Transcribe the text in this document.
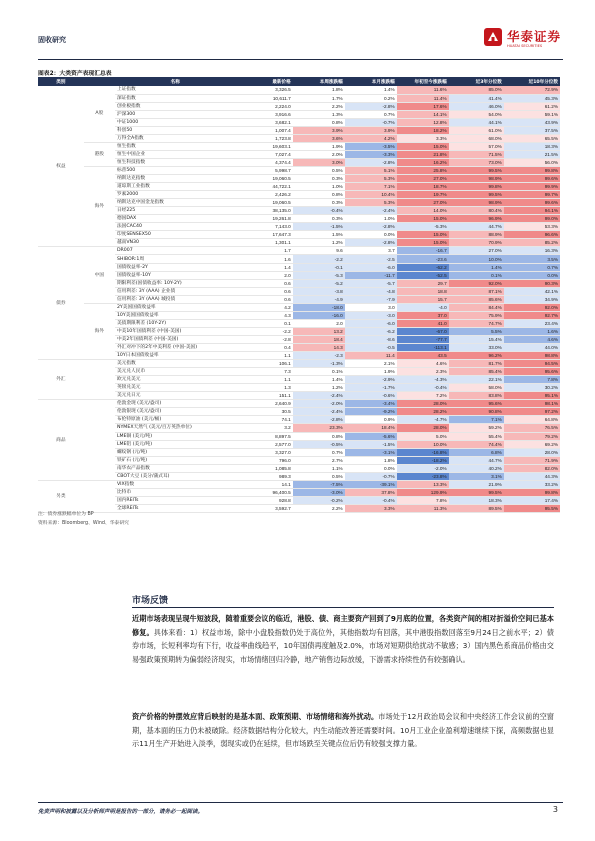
固收研究	华泰证券
HUATAI SECURITIES
图表2：大类资产表现汇总表
类别		名称	最新价格	本周涨跌幅	本月涨跌幅	年初至今涨跌幅	近3年分位数	近10年分位数
权益	A股	上证指数	3,326.5	1.8%	1.4%	11.6%	85.0%	72.9%
		深证指数	10,611.7	1.7%	0.2%	11.4%	41.4%	45.3%
		创业板指数	2,224.0	2.2%	-2.8%	17.6%	46.0%	61.2%
		沪深300	3,916.6	1.3%	0.7%	14.1%	54.0%	59.1%
		中证1000	3,682.1	0.8%	-0.7%	12.8%	44.1%	43.9%
		科创50	1,007.4	3.9%	3.9%	18.2%	61.0%	37.5%
		万得全A指数	1,723.8	3.6%	4.2%	3.3%	68.0%	65.5%
	港股	恒生指数	19,603.1	1.9%	-3.5%	15.0%	57.0%	18.3%
		恒生中国企业	7,027.4	2.0%	-3.3%	21.8%	71.5%	21.5%
		恒生科技指数	4,374.4	3.0%	-2.8%	16.2%	73.0%	56.0%
	海外	标普500	5,998.7	0.5%	5.1%	25.8%	99.5%	99.8%
		纳斯达克指数	19,060.5	0.3%	5.3%	27.0%	98.9%	99.6%
		道琼斯工业指数	44,722.1	1.0%	7.1%	18.7%	99.8%	99.9%
		罗素2000	2,426.2	0.8%	10.4%	19.7%	99.5%	99.7%
		纳斯达克中国金龙指数	19,060.5	0.3%	5.3%	27.0%	98.9%	99.6%
		日经225	38,135.0	-0.4%	-2.4%	14.0%	80.4%	94.1%
		德国DAX	19,261.8	0.3%	1.0%	15.0%	96.9%	99.0%
		法国CAC40	7,143.0	-1.5%	-2.8%	-5.3%	44.7%	53.3%
		印度SENSEX50	17,647.3	1.5%	0.0%	15.0%	88.9%	96.6%
		越南VN30	1,301.1	1.2%	-2.8%	15.0%	70.9%	85.2%
债券	中国	DR007	1.7	9.6	3.7	-16.7	27.0%	16.3%
		SHIBOR:1周	1.6	-2.2	-2.5	-23.6	10.0%	3.5%
		国债收益率-2Y	1.4	-0.1	-6.0	-62.2	1.4%	0.7%
		国债收益率-10Y	2.0	-5.3	-11.7	-52.5	0.1%	0.0%
		期限利差(国债收益率: 10Y-2Y)	0.6	-5.2	-5.7	29.7	92.0%	90.3%
		信用利差: 3Y (AAA) 企业债	0.6	-3.8	-4.8	18.8	87.1%	42.1%
		信用利差: 3Y (AAA) 城投债	0.6	-4.9	-7.9	15.7	85.6%	34.9%
	海外	2Y美国国债收益率	4.2	-18.0	3.0	-4.0	84.4%	92.0%
		10Y美国国债收益率	4.3	-16.0	-3.0	37.0	75.9%	92.7%
		美债期限利差 (10Y-2Y)	0.1	2.0	-6.0	41.0	74.7%	23.4%
		中美10年国债利差 (中国-美国)	-2.2	13.2	-6.2	-67.0	5.5%	1.6%
		中美2年国债利差 (中国-美国)	-2.8	18.4	-8.6	-77.7	15.4%	4.6%
		外汇对冲下的2年中美利差 (中国-美国)	0.4	14.3	-0.5	-113.1	33.0%	44.0%
		10Y日本国债收益率	1.1	-2.3	11.4	43.5	96.2%	98.8%
外汇		美元指数	106.1	-1.3%	2.1%	4.6%	81.7%	94.5%
		美元兑人民币	7.3	0.1%	1.9%	2.3%	85.4%	95.6%
		欧元兑美元	1.1	1.4%	-2.9%	-4.3%	22.1%	7.8%
		英镑兑美元	1.3	1.2%	-1.7%	-0.4%	58.0%	30.2%
		美元兑日元	151.1	-2.4%	-0.6%	7.2%	83.8%	95.1%
商品		伦敦金现 (美元/盎司)	2,640.9	-2.0%	-3.4%	28.0%	95.6%	98.1%
		伦敦银现 (美元/盎司)	30.5	-2.4%	-9.2%	28.2%	90.8%	97.2%
		布伦特原油 (美元/桶)	74.1	-2.8%	0.9%	-4.7%	7.1%	64.8%
		NYMEX天然气 (美元/百万英热单位)	3.2	23.3%	18.4%	28.0%	59.2%	76.5%
		LME铜 (美元/吨)	8,897.5	0.8%	-5.6%	5.0%	55.4%	79.2%
		LME铝 (美元/吨)	2,577.0	-0.5%	-1.5%	10.0%	74.4%	69.2%
		螺纹钢 (元/吨)	3,327.0	0.7%	-3.1%	-16.8%	6.8%	28.0%
		铁矿石 (元/吨)	796.0	2.7%	1.8%	-18.2%	44.7%	71.9%
		南华农产品指数	1,085.8	1.1%	0.0%	-2.0%	40.2%	82.0%
		CBOT大豆 (美分/蒲式耳)	989.3	0.5%	-0.7%	-23.8%	3.1%	44.3%
另类		VIX指数	14.1	-7.5%	-39.1%	13.3%	21.9%	33.2%
		比特币	96,400.5	-3.0%	37.8%	129.9%	99.5%	99.8%
		国内REITs	928.8	-0.2%	-0.4%	7.8%	18.3%	17.4%
		全球REITs	3,592.7	2.2%	3.3%	11.3%	89.5%	95.5%
注：债券涨跌幅单位为 BP
资料来源：Bloomberg、Wind、华泰研究
市场反馈
近期市场表现呈现牛短波段，随着重要会议的临近，港股、债、商主要资产回到了9月底的位置，各类资产间的相对折溢价空间已基本修复。具体来看：1）权益市场，除中小盘股指数仍处于高位外，其他指数均有回落，其中港股指数回落至9月24日之前水平；2）债券市场，长短利率均有下行，收益率曲线趋平，10年国债再度触及2.0%，市场对短期供给扰动不敏感；3）国内黑色系商品价格由交易强政策预期转为偏弱经济现实，市场情绪回归冷静，地产销售边际放缓，下游需求持续性仍有较强确认。
资产价格的钟摆效应背后映射的是基本面、政策预期、市场情绪和海外扰动。市场处于12月政治局会议和中央经济工作会议前的空窗期，基本面的压力仍未被破除。经济数据结构分化较大，内生动能改善还需要时间。10月工业企业盈利增速继续下探，高频数据也显示11月生产开始进入淡季，弱现实或仍在延续，但市场跌至关键点位后仍有较强支撑力量。
免责声明和披露以及分析师声明是报告的一部分，请务必一起阅读。	3
